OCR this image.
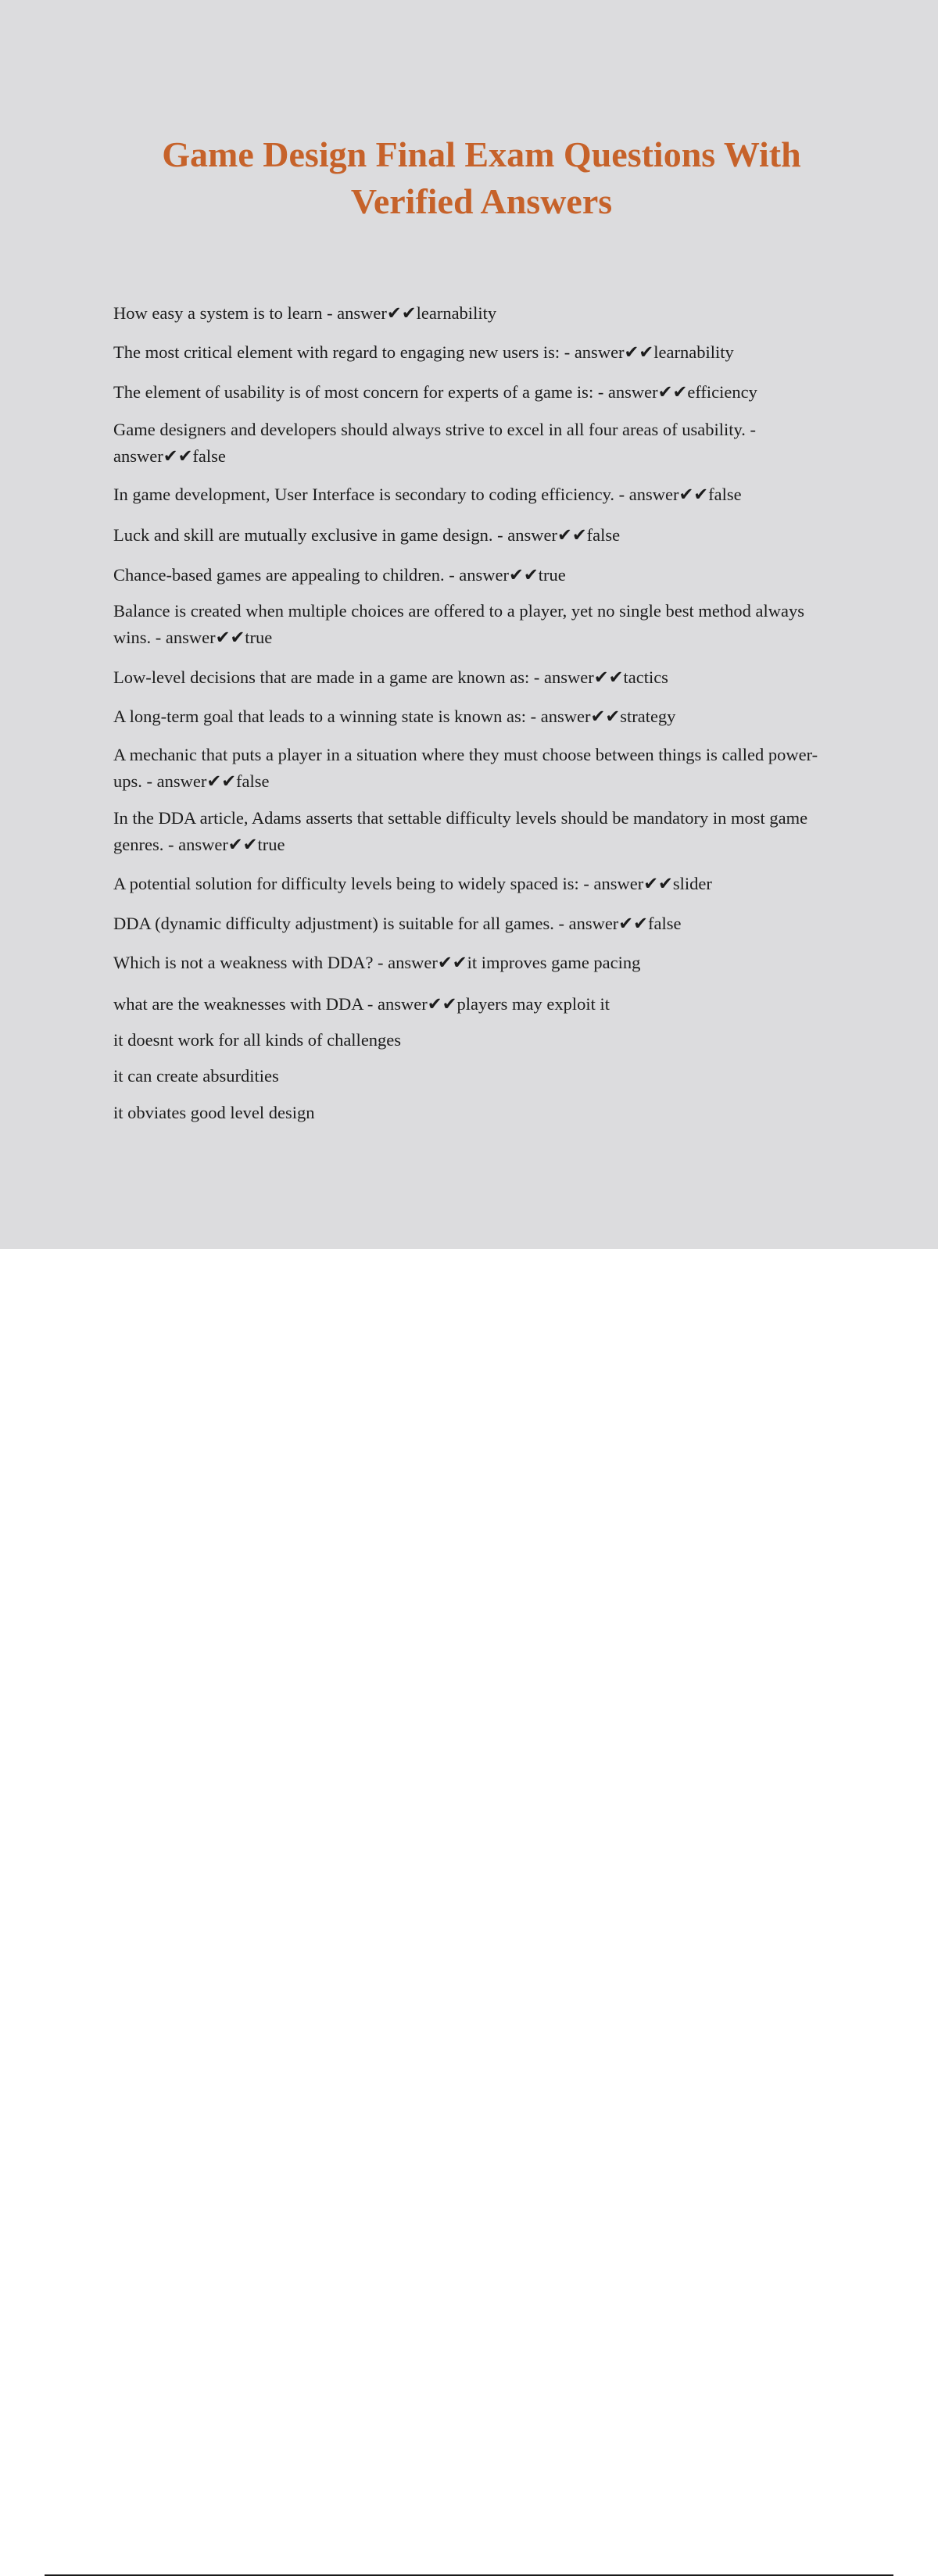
Game Design Final Exam Questions With Verified Answers
How easy a system is to learn - answer✔✔learnability
The most critical element with regard to engaging new users is: - answer✔✔learnability
The element of usability is of most concern for experts of a game is: - answer✔✔efficiency
Game designers and developers should always strive to excel in all four areas of usability. - answer✔✔false
In game development, User Interface is secondary to coding efficiency. - answer✔✔false
Luck and skill are mutually exclusive in game design. - answer✔✔false
Chance-based games are appealing to children. - answer✔✔true
Balance is created when multiple choices are offered to a player, yet no single best method always wins. - answer✔✔true
Low-level decisions that are made in a game are known as: - answer✔✔tactics
A long-term goal that leads to a winning state is known as: - answer✔✔strategy
A mechanic that puts a player in a situation where they must choose between things is called power-ups. - answer✔✔false
In the DDA article, Adams asserts that settable difficulty levels should be mandatory in most game genres. - answer✔✔true
A potential solution for difficulty levels being to widely spaced is: - answer✔✔slider
DDA (dynamic difficulty adjustment) is suitable for all games. - answer✔✔false
Which is not a weakness with DDA? - answer✔✔it improves game pacing
what are the weaknesses with DDA - answer✔✔players may exploit it
it doesnt work for all kinds of challenges
it can create absurdities
it obviates good level design
